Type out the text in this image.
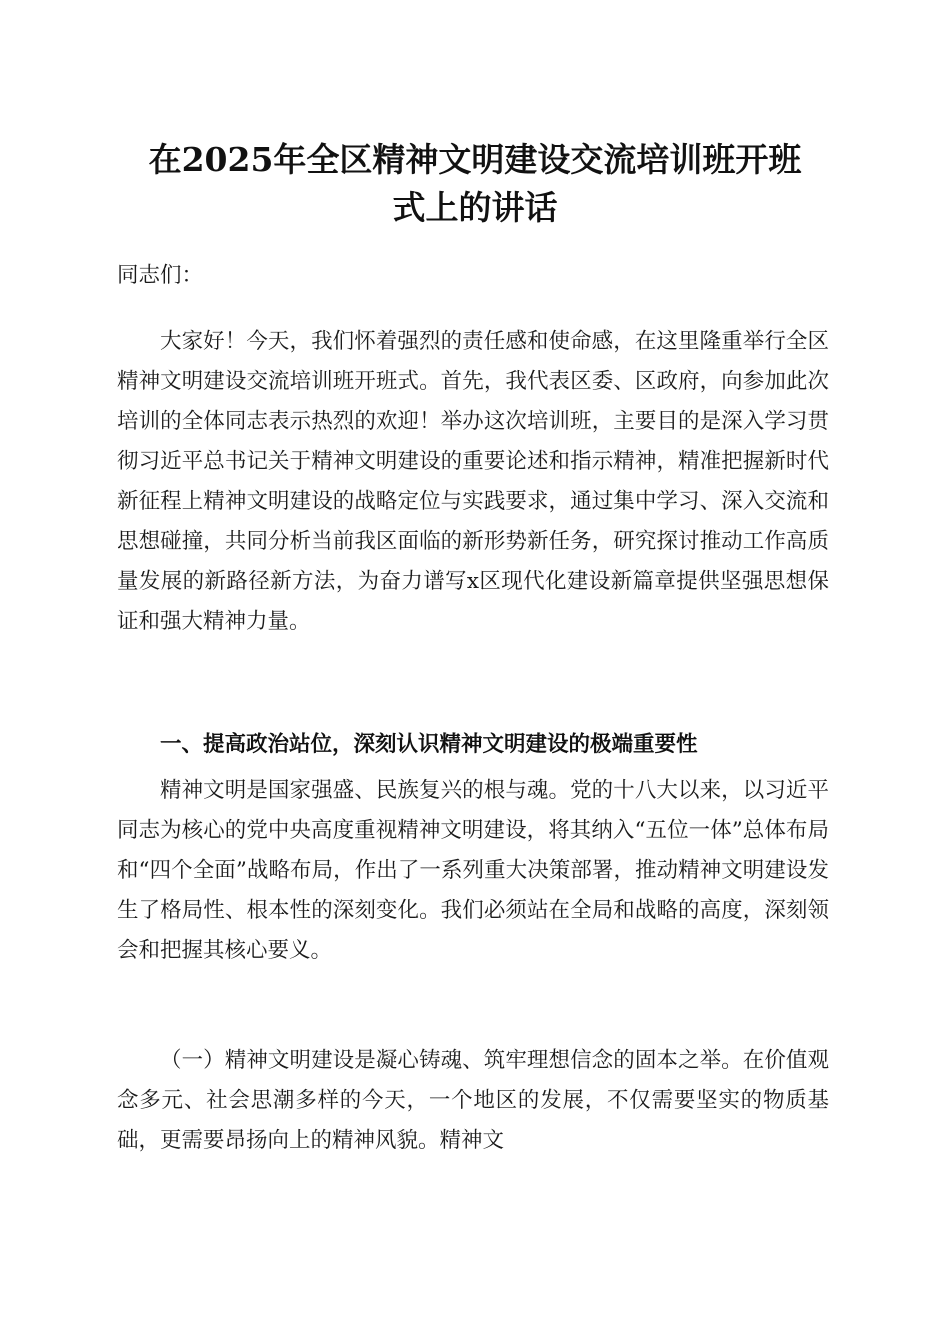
在2025年全区精神文明建设交流培训班开班
式上的讲话

同志们：

大家好！今天，我们怀着强烈的责任感和使命感，在这里隆重举行全区精神文明建设交流培训班开班式。首先，我代表区委、区政府，向参加此次培训的全体同志表示热烈的欢迎！举办这次培训班，主要目的是深入学习贯彻习近平总书记关于精神文明建设的重要论述和指示精神，精准把握新时代新征程上精神文明建设的战略定位与实践要求，通过集中学习、深入交流和思想碰撞，共同分析当前我区面临的新形势新任务，研究探讨推动工作高质量发展的新路径新方法，为奋力谱写x区现代化建设新篇章提供坚强思想保证和强大精神力量。

一、提高政治站位，深刻认识精神文明建设的极端重要性

精神文明是国家强盛、民族复兴的根与魂。党的十八大以来，以习近平同志为核心的党中央高度重视精神文明建设，将其纳入“五位一体”总体布局和“四个全面”战略布局，作出了一系列重大决策部署，推动精神文明建设发生了格局性、根本性的深刻变化。我们必须站在全局和战略的高度，深刻领会和把握其核心要义。

（一）精神文明建设是凝心铸魂、筑牢理想信念的固本之举。在价值观念多元、社会思潮多样的今天，一个地区的发展，不仅需要坚实的物质基础，更需要昂扬向上的精神风貌。精神文
